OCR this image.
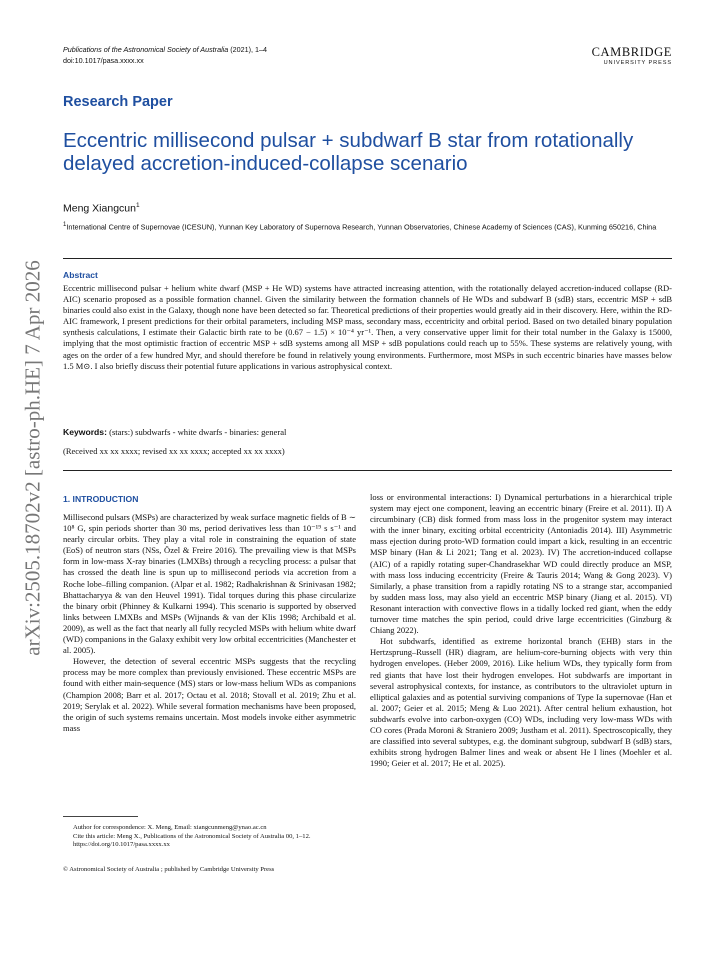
Publications of the Astronomical Society of Australia (2021), 1–4
doi:10.1017/pasa.xxxx.xx
CAMBRIDGE
UNIVERSITY PRESS
arXiv:2505.18702v2 [astro-ph.HE] 7 Apr 2026
Research Paper
Eccentric millisecond pulsar + subdwarf B star from rotationally delayed accretion-induced-collapse scenario
Meng Xiangcun$^1$
$^1$International Centre of Supernovae (ICESUN), Yunnan Key Laboratory of Supernova Research, Yunnan Observatories, Chinese Academy of Sciences (CAS), Kunming 650216, China
Abstract
Eccentric millisecond pulsar + helium white dwarf (MSP + He WD) systems have attracted increasing attention, with the rotationally delayed accretion-induced collapse (RD-AIC) scenario proposed as a possible formation channel. Given the similarity between the formation channels of He WDs and subdwarf B (sdB) stars, eccentric MSP + sdB binaries could also exist in the Galaxy, though none have been detected so far. Theoretical predictions of their properties would greatly aid in their discovery. Here, within the RD-AIC framework, I present predictions for their orbital parameters, including MSP mass, secondary mass, eccentricity and orbital period. Based on two detailed binary population synthesis calculations, I estimate their Galactic birth rate to be (0.67 − 1.5) × 10⁻⁴ yr⁻¹. Then, a very conservative upper limit for their total number in the Galaxy is 15000, implying that the most optimistic fraction of eccentric MSP + sdB systems among all MSP + sdB populations could reach up to 55%. These systems are relatively young, with ages on the order of a few hundred Myr, and should therefore be found in relatively young environments. Furthermore, most MSPs in such eccentric binaries have masses below 1.5 M⊙. I also briefly discuss their potential future applications in various astrophysical context.
Keywords: (stars:) subdwarfs - white dwarfs - binaries: general
(Received xx xx xxxx; revised xx xx xxxx; accepted xx xx xxxx)
1. INTRODUCTION

Millisecond pulsars (MSPs) are characterized by weak surface magnetic fields of B ∼ 10⁸ G, spin periods shorter than 30 ms, period derivatives less than 10⁻¹⁹ s s⁻¹ and nearly circular orbits. They play a vital role in constraining the equation of state (EoS) of neutron stars (NSs, Özel & Freire 2016). The prevailing view is that MSPs form in low-mass X-ray binaries (LMXBs) through a recycling process: a pulsar that has crossed the death line is spun up to millisecond periods via accretion from a Roche lobe–filling companion. (Alpar et al. 1982; Radhakrishnan & Srinivasan 1982; Bhattacharyya & van den Heuvel 1991). Tidal torques during this phase circularize the binary orbit (Phinney & Kulkarni 1994). This scenario is supported by observed links between LMXBs and MSPs (Wijnands & van der Klis 1998; Archibald et al. 2009), as well as the fact that nearly all fully recycled MSPs with helium white dwarf (WD) companions in the Galaxy exhibit very low orbital eccentricities (Manchester et al. 2005).

However, the detection of several eccentric MSPs suggests that the recycling process may be more complex than previously envisioned. These eccentric MSPs are found with either main-sequence (MS) stars or low-mass helium WDs as companions (Champion 2008; Barr et al. 2017; Octau et al. 2018; Stovall et al. 2019; Zhu et al. 2019; Serylak et al. 2022). While several formation mechanisms have been proposed, the origin of such systems remains uncertain. Most models invoke either asymmetric mass

loss or environmental interactions: I) Dynamical perturbations in a hierarchical triple system may eject one component, leaving an eccentric binary (Freire et al. 2011). II) A circumbinary (CB) disk formed from mass loss in the progenitor system may interact with the inner binary, exciting orbital eccentricity (Antoniadis 2014). III) Asymmetric mass ejection during proto-WD formation could impart a kick, resulting in an eccentric MSP binary (Han & Li 2021; Tang et al. 2023). IV) The accretion-induced collapse (AIC) of a rapidly rotating super-Chandrasekhar WD could directly produce an MSP, with mass loss inducing eccentricity (Freire & Tauris 2014; Wang & Gong 2023). V) Similarly, a phase transition from a rapidly rotating NS to a strange star, accompanied by sudden mass loss, may also yield an eccentric MSP binary (Jiang et al. 2015). VI) Resonant interaction with convective flows in a tidally locked red giant, when the eddy turnover time matches the spin period, could drive large eccentricities (Ginzburg & Chiang 2022).

Hot subdwarfs, identified as extreme horizontal branch (EHB) stars in the Hertzsprung–Russell (HR) diagram, are helium-core-burning objects with very thin hydrogen envelopes. (Heber 2009, 2016). Like helium WDs, they typically form from red giants that have lost their hydrogen envelopes. Hot subdwarfs are important in several astrophysical contexts, for instance, as contributors to the ultraviolet upturn in elliptical galaxies and as potential surviving companions of Type Ia supernovae (Han et al. 2007; Geier et al. 2015; Meng & Luo 2021). After central helium exhaustion, hot subdwarfs evolve into carbon-oxygen (CO) WDs, including very low-mass WDs with CO cores (Prada Moroni & Straniero 2009; Justham et al. 2011). Spectroscopically, they are classified into several subtypes, e.g. the dominant subgroup, subdwarf B (sdB) stars, exhibits strong hydrogen Balmer lines and weak or absent He I lines (Moehler et al. 1990; Geier et al. 2017; He et al. 2025).

Author for correspondence: X. Meng, Email: xiangcunmeng@ynao.ac.cn
Cite this article: Meng X., Publications of the Astronomical Society of Australia 00, 1–12. https://doi.org/10.1017/pasa.xxxx.xx
© Astronomical Society of Australia ; published by Cambridge University Press
